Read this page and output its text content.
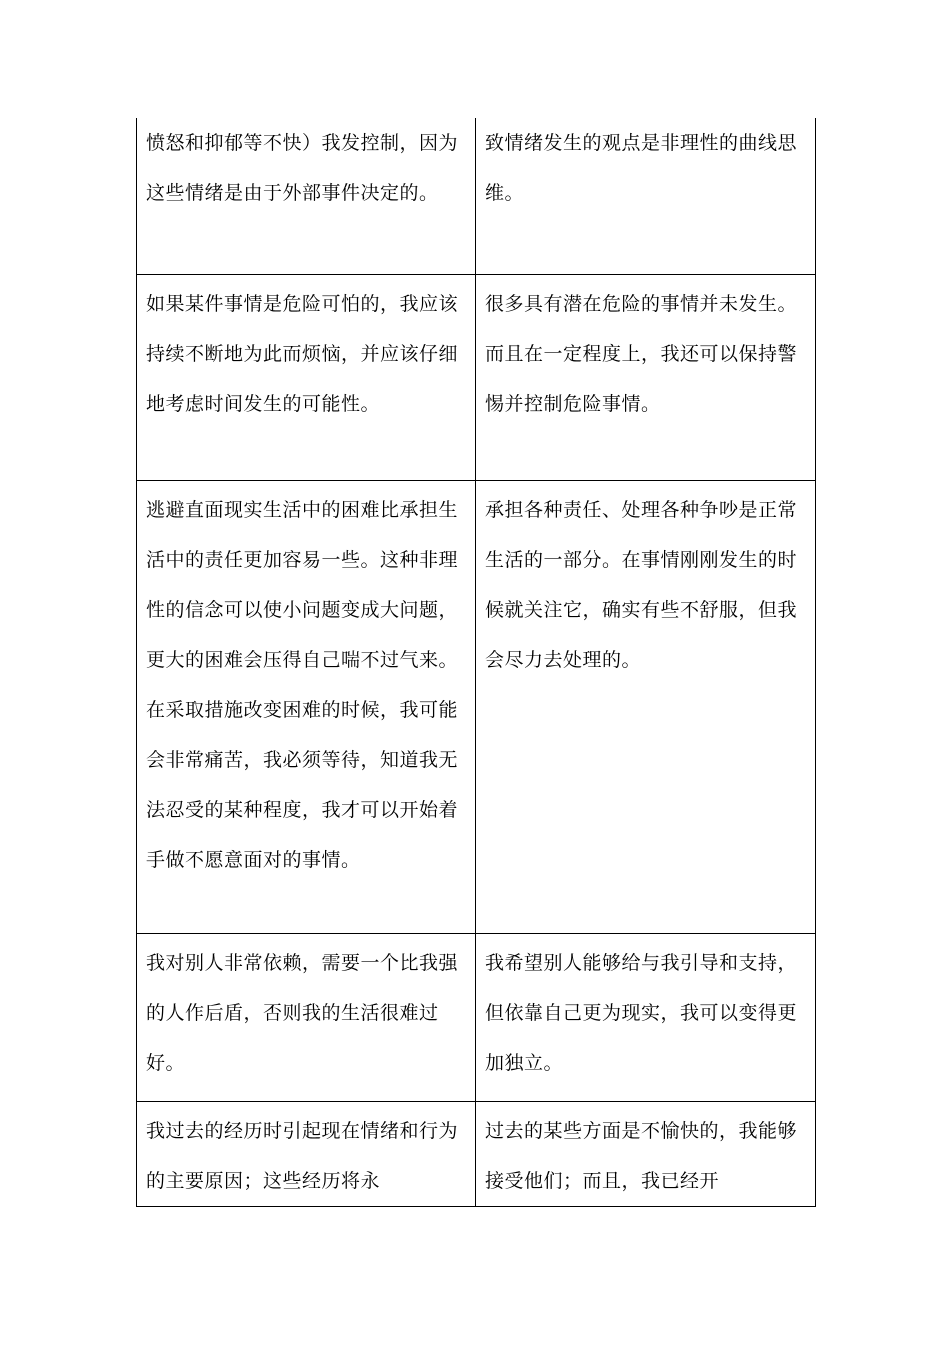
愤怒和抑郁等不快）我发控制，因为这些情绪是由于外部事件决定的。	致情绪发生的观点是非理性的曲线思维。
如果某件事情是危险可怕的，我应该持续不断地为此而烦恼，并应该仔细地考虑时间发生的可能性。	很多具有潜在危险的事情并未发生。而且在一定程度上，我还可以保持警惕并控制危险事情。
逃避直面现实生活中的困难比承担生活中的责任更加容易一些。这种非理性的信念可以使小问题变成大问题，更大的困难会压得自己喘不过气来。在采取措施改变困难的时候，我可能会非常痛苦，我必须等待，知道我无法忍受的某种程度，我才可以开始着手做不愿意面对的事情。	承担各种责任、处理各种争吵是正常生活的一部分。在事情刚刚发生的时候就关注它，确实有些不舒服，但我会尽力去处理的。
我对别人非常依赖，需要一个比我强的人作后盾，否则我的生活很难过好。	我希望别人能够给与我引导和支持，但依靠自己更为现实，我可以变得更加独立。
我过去的经历时引起现在情绪和行为的主要原因；这些经历将永	过去的某些方面是不愉快的，我能够接受他们；而且，我已经开
